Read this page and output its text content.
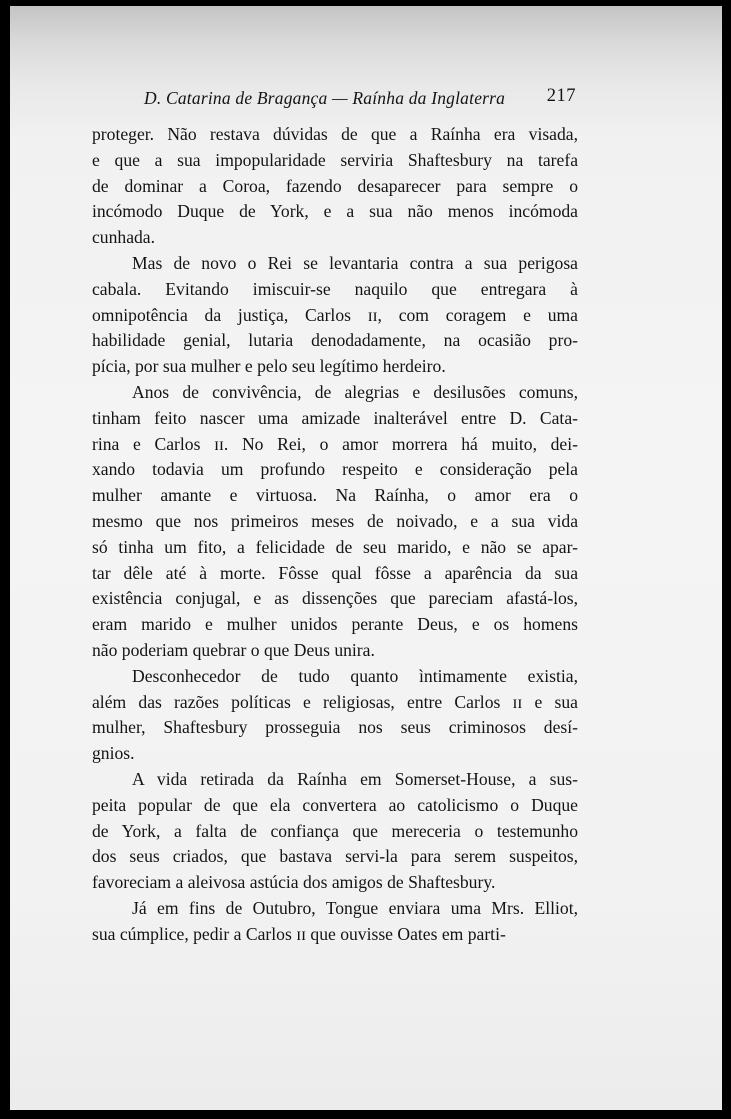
D. Catarina de Bragança — Raínha da Inglaterra 217

proteger. Não restava dúvidas de que a Raínha era visada,
e que a sua impopularidade serviria Shaftesbury na tarefa
de dominar a Coroa, fazendo desaparecer para sempre o
incómodo Duque de York, e a sua não menos incómoda
cunhada.

Mas de novo o Rei se levantaria contra a sua perigosa
cabala. Evitando imiscuir-se naquilo que entregara à
omnipotência da justiça, Carlos ɪɪ, com coragem e uma
habilidade genial, lutaria denodadamente, na ocasião pro-
pícia, por sua mulher e pelo seu legítimo herdeiro.

Anos de convivência, de alegrias e desilusões comuns,
tinham feito nascer uma amizade inalterável entre D. Cata-
rina e Carlos ɪɪ. No Rei, o amor morrera há muito, dei-
xando todavia um profundo respeito e consideração pela
mulher amante e virtuosa. Na Raínha, o amor era o
mesmo que nos primeiros meses de noivado, e a sua vida
só tinha um fito, a felicidade de seu marido, e não se apar-
tar dêle até à morte. Fôsse qual fôsse a aparência da sua
existência conjugal, e as dissenções que pareciam afastá-los,
eram marido e mulher unidos perante Deus, e os homens
não poderiam quebrar o que Deus unira.

Desconhecedor de tudo quanto ìntimamente existia,
além das razões políticas e religiosas, entre Carlos ɪɪ e sua
mulher, Shaftesbury prosseguia nos seus criminosos desí-
gnios.

A vida retirada da Raínha em Somerset-House, a sus-
peita popular de que ela convertera ao catolicismo o Duque
de York, a falta de confiança que mereceria o testemunho
dos seus criados, que bastava servi-la para serem suspeitos,
favoreciam a aleivosa astúcia dos amigos de Shaftesbury.

Já em fins de Outubro, Tongue enviara uma Mrs. Elliot,
sua cúmplice, pedir a Carlos ɪɪ que ouvisse Oates em parti-
